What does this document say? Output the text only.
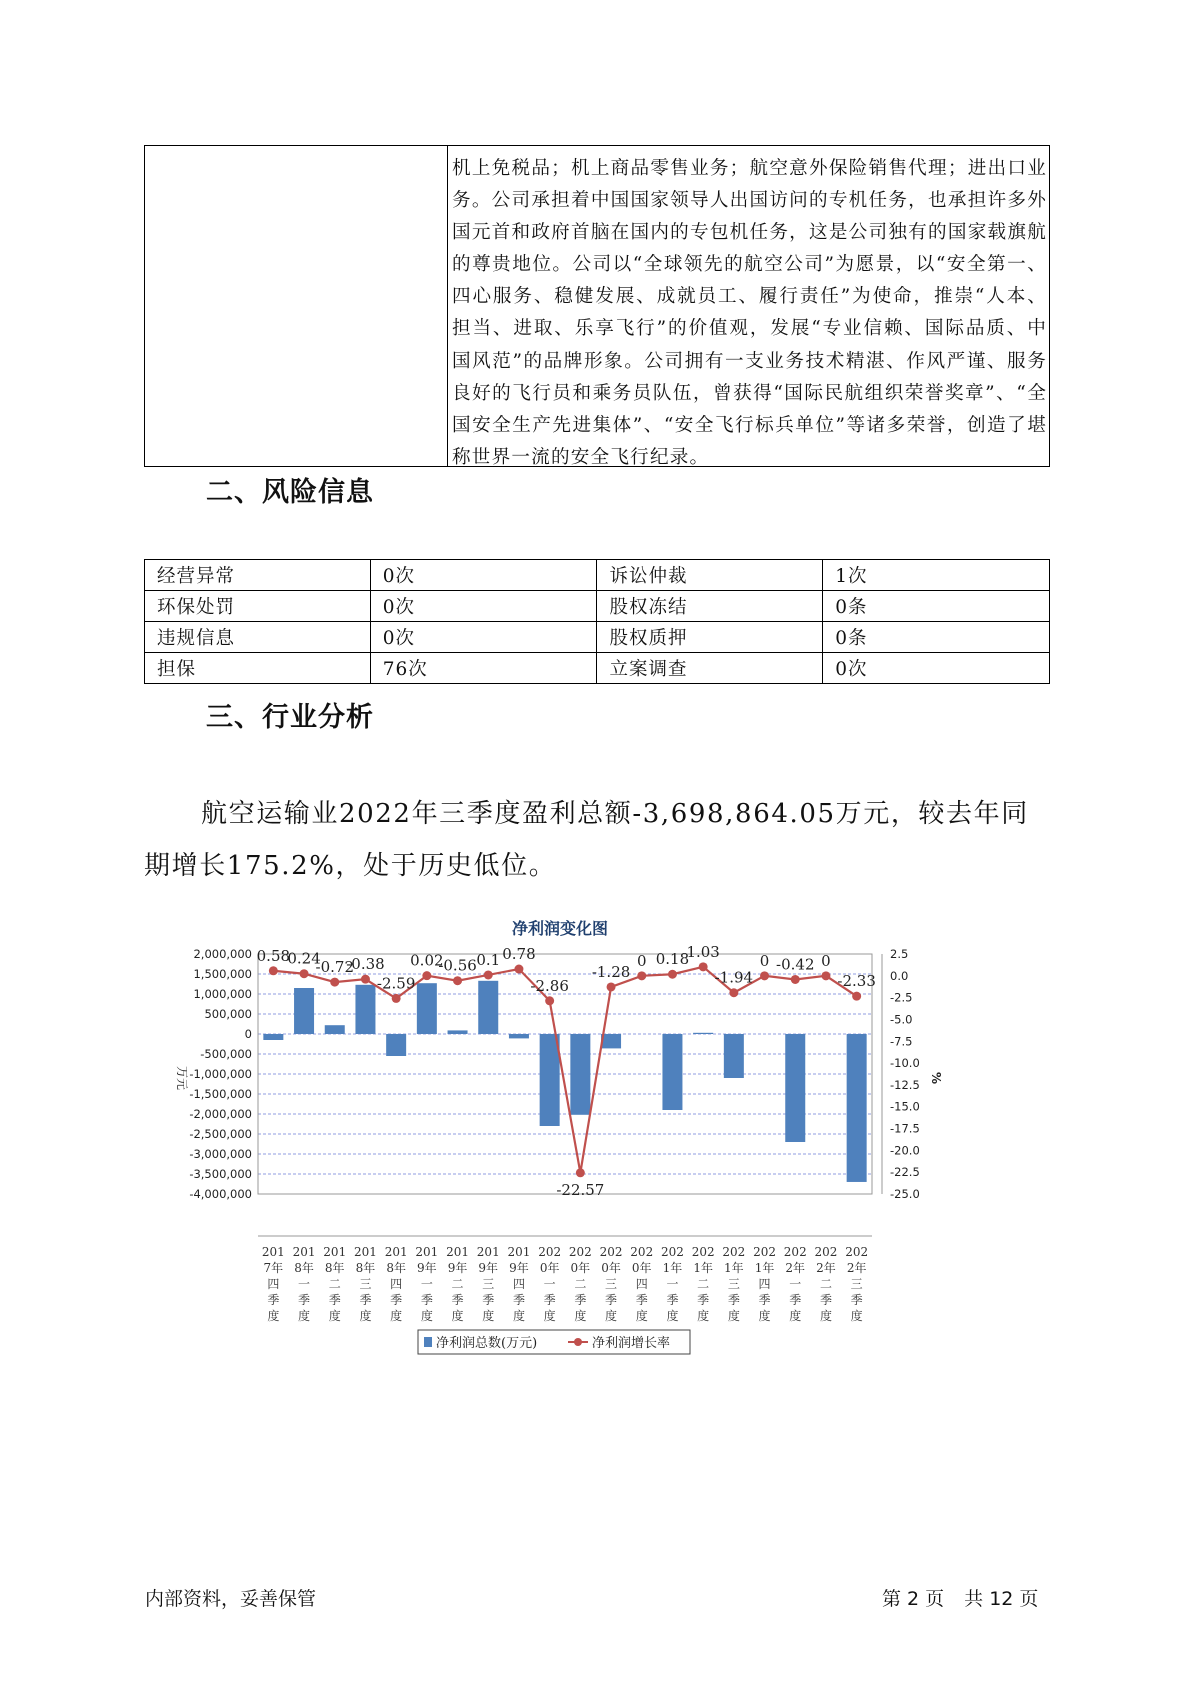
机上免税品；机上商品零售业务；航空意外保险销售代理；进出口业务。公司承担着中国国家领导人出国访问的专机任务，也承担许多外国元首和政府首脑在国内的专包机任务，这是公司独有的国家载旗航的尊贵地位。公司以“全球领先的航空公司”为愿景，以“安全第一、四心服务、稳健发展、成就员工、履行责任”为使命，推崇“人本、担当、进取、乐享飞行”的价值观，发展“专业信赖、国际品质、中国风范”的品牌形象。公司拥有一支业务技术精湛、作风严谨、服务良好的飞行员和乘务员队伍，曾获得“国际民航组织荣誉奖章”、“全国安全生产先进集体”、“安全飞行标兵单位”等诸多荣誉，创造了堪称世界一流的安全飞行纪录。
二、风险信息
经营异常	0次	诉讼仲裁	1次
环保处罚	0次	股权冻结	0条
违规信息	0次	股权质押	0条
担保	76次	立案调查	0次
三、行业分析
航空运输业2022年三季度盈利总额-3,698,864.05万元，较去年同期增长175.2%，处于历史低位。
净利润变化图
2,000,000
1,500,000
1,000,000
500,000
0
-500,000
-1,000,000
-1,500,000
-2,000,000
-2,500,000
-3,000,000
-3,500,000
-4,000,000
2.5
0.0
-2.5
-5.0
-7.5
-10.0
-12.5
-15.0
-17.5
-20.0
-22.5
-25.0
万元	%
0.58
0.24
-0.72
-0.38
-2.59
0.02
-0.56 0.1 0.78
-2.86
-22.57
-1.28
0 0.18
1.03
-1.94
0 -0.42 0
-2.33
201
7年
四
季
度
201
8年
一
季
度
201
8年
二
季
度
201
8年
三
季
度
201
8年
四
季
度
201
9年
一
季
度
201
9年
二
季
度
201
9年
三
季
度
201
9年
四
季
度
202
0年
一
季
度
202
0年
二
季
度
202
0年
三
季
度
202
0年
四
季
度
202
1年
一
季
度
202
1年
二
季
度
202
1年
三
季
度
202
1年
四
季
度
202
2年
一
季
度
202
2年
二
季
度
202
2年
三
季
度
净利润总数(万元)	净利润增长率
内部资料，妥善保管	第 2 页 共 12 页
